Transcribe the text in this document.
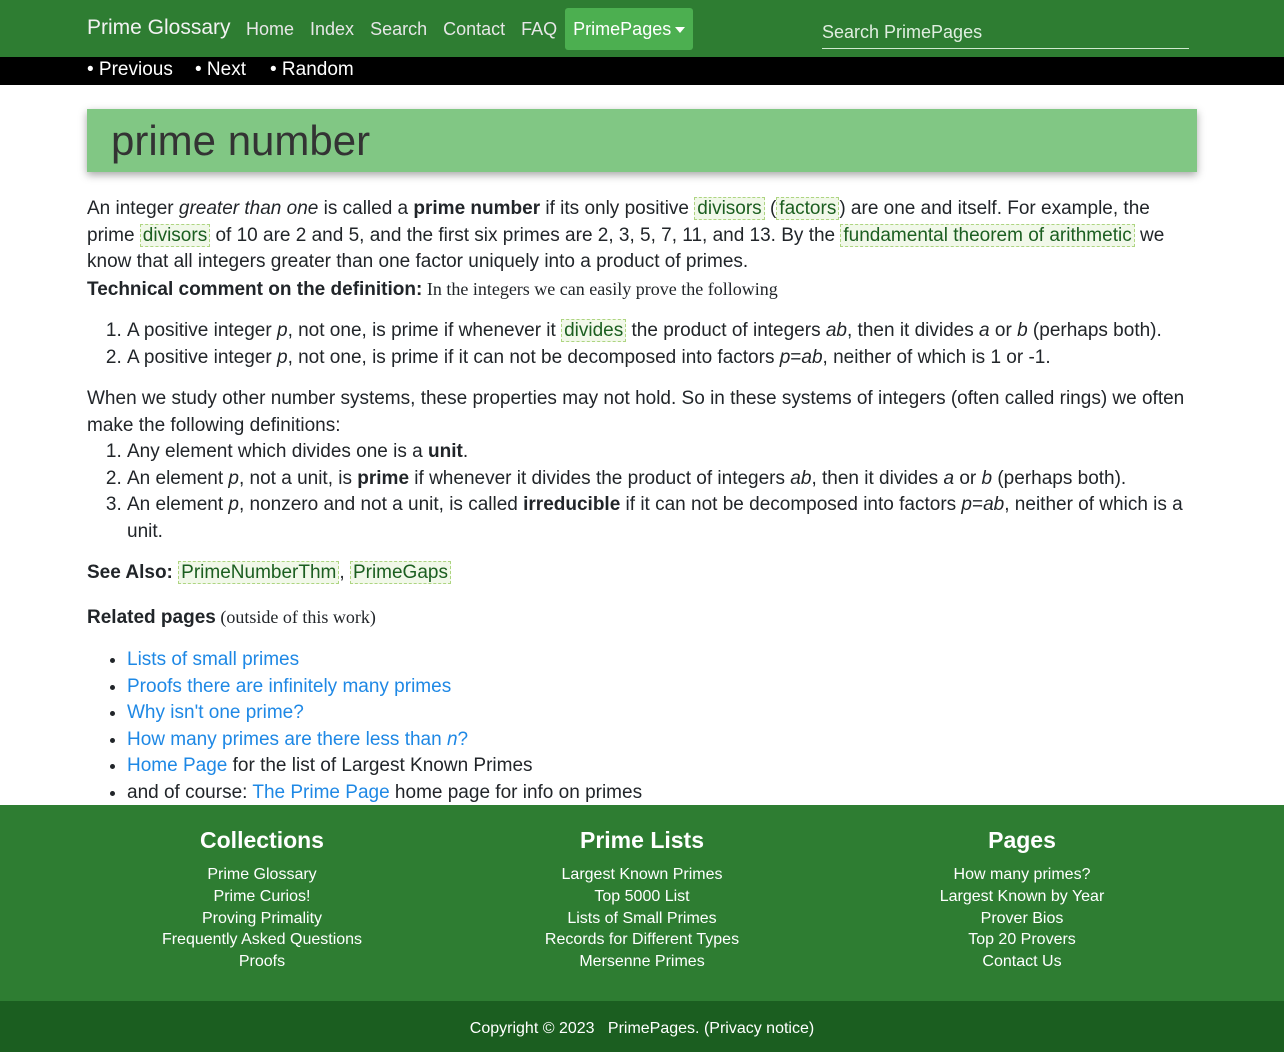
Prime Glossary Home Index Search Contact FAQ PrimePages
Search PrimePages
• Previous • Next • Random
prime number

An integer greater than one is called a prime number if its only positive divisors ( factors ) are one and itself. For example, the prime divisors of 10 are 2 and 5, and the first six primes are 2, 3, 5, 7, 11, and 13. By the fundamental theorem of arithmetic we know that all integers greater than one factor uniquely into a product of primes.

Technical comment on the definition: In the integers we can easily prove the following

1. A positive integer p, not one, is prime if whenever it divides the product of integers ab, then it divides a or b (perhaps both).
2. A positive integer p, not one, is prime if it can not be decomposed into factors p=ab, neither of which is 1 or -1.

When we study other number systems, these properties may not hold. So in these systems of integers (often called rings) we often make the following definitions:

1. Any element which divides one is a unit.
2. An element p, not a unit, is prime if whenever it divides the product of integers ab, then it divides a or b (perhaps both).
3. An element p, nonzero and not a unit, is called irreducible if it can not be decomposed into factors p=ab, neither of which is a unit.

See Also: PrimeNumberThm , PrimeGaps

Related pages (outside of this work)

• Lists of small primes
• Proofs there are infinitely many primes
• Why isn't one prime?
• How many primes are there less than n?
• Home Page for the list of Largest Known Primes
• and of course: The Prime Page home page for info on primes
Collections
Prime Glossary
Prime Curios!
Proving Primality
Frequently Asked Questions
Proofs
Prime Lists
Largest Known Primes
Top 5000 List
Lists of Small Primes
Records for Different Types
Mersenne Primes
Pages
How many primes?
Largest Known by Year
Prover Bios
Top 20 Provers
Contact Us
Copyright © 2023 PrimePages. (Privacy notice)
